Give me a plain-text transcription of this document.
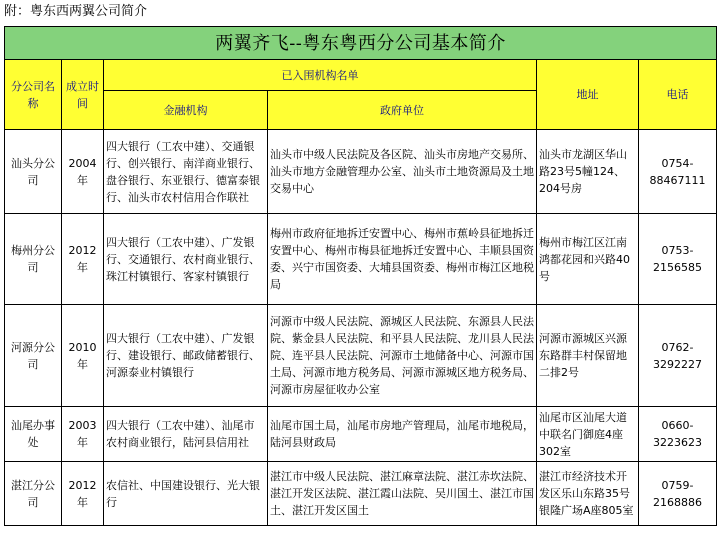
附：粤东西两翼公司简介
两翼齐飞--粤东粤西分公司基本简介					
分公司名称	成立时间	已入围机构名单		地址	电话
		金融机构	政府单位		
汕头分公司	2004年	四大银行（工农中建）、交通银行、创兴银行、南洋商业银行、盘谷银行、东亚银行、德富泰银行、汕头市农村信用合作联社	汕头市中级人民法院及各区院、汕头市房地产交易所、汕头市地方金融管理办公室、汕头市土地资源局及土地交易中心	汕头市龙湖区华山路23号5幢124、204号房	0754-88467111
梅州分公司	2012年	四大银行（工农中建）、广发银行、交通银行、农村商业银行、珠江村镇银行、客家村镇银行	梅州市政府征地拆迁安置中心、梅州市蕉岭县征地拆迁安置中心、梅州市梅县征地拆迁安置中心、丰顺县国资委、兴宁市国资委、大埔县国资委、梅州市梅江区地税局	梅州市梅江区江南鸿都花园和兴路40号	0753-2156585
河源分公司	2010年	四大银行（工农中建）、广发银行、建设银行、邮政储蓄银行、河源泰业村镇银行	河源市中级人民法院、源城区人民法院、东源县人民法院、紫金县人民法院、和平县人民法院、龙川县人民法院、连平县人民法院、河源市土地储备中心、河源市国土局、河源市地方税务局、河源市源城区地方税务局、河源市房屋征收办公室	河源市源城区兴源东路群丰村保留地二排2号	0762-3292227
汕尾办事处	2003年	四大银行（工农中建）、汕尾市农村商业银行，陆河县信用社	汕尾市国土局，汕尾市房地产管理局，汕尾市地税局，陆河县财政局	汕尾市区汕尾大道中联名门御庭4座302室	0660-3223623
湛江分公司	2012年	农信社、中国建设银行、光大银行	湛江市中级人民法院、湛江麻章法院、湛江赤坎法院、湛江开发区法院、湛江霞山法院、吴川国土、湛江市国土、湛江开发区国土	湛江市经济技术开发区乐山东路35号银隆广场A座805室	0759-2168886
